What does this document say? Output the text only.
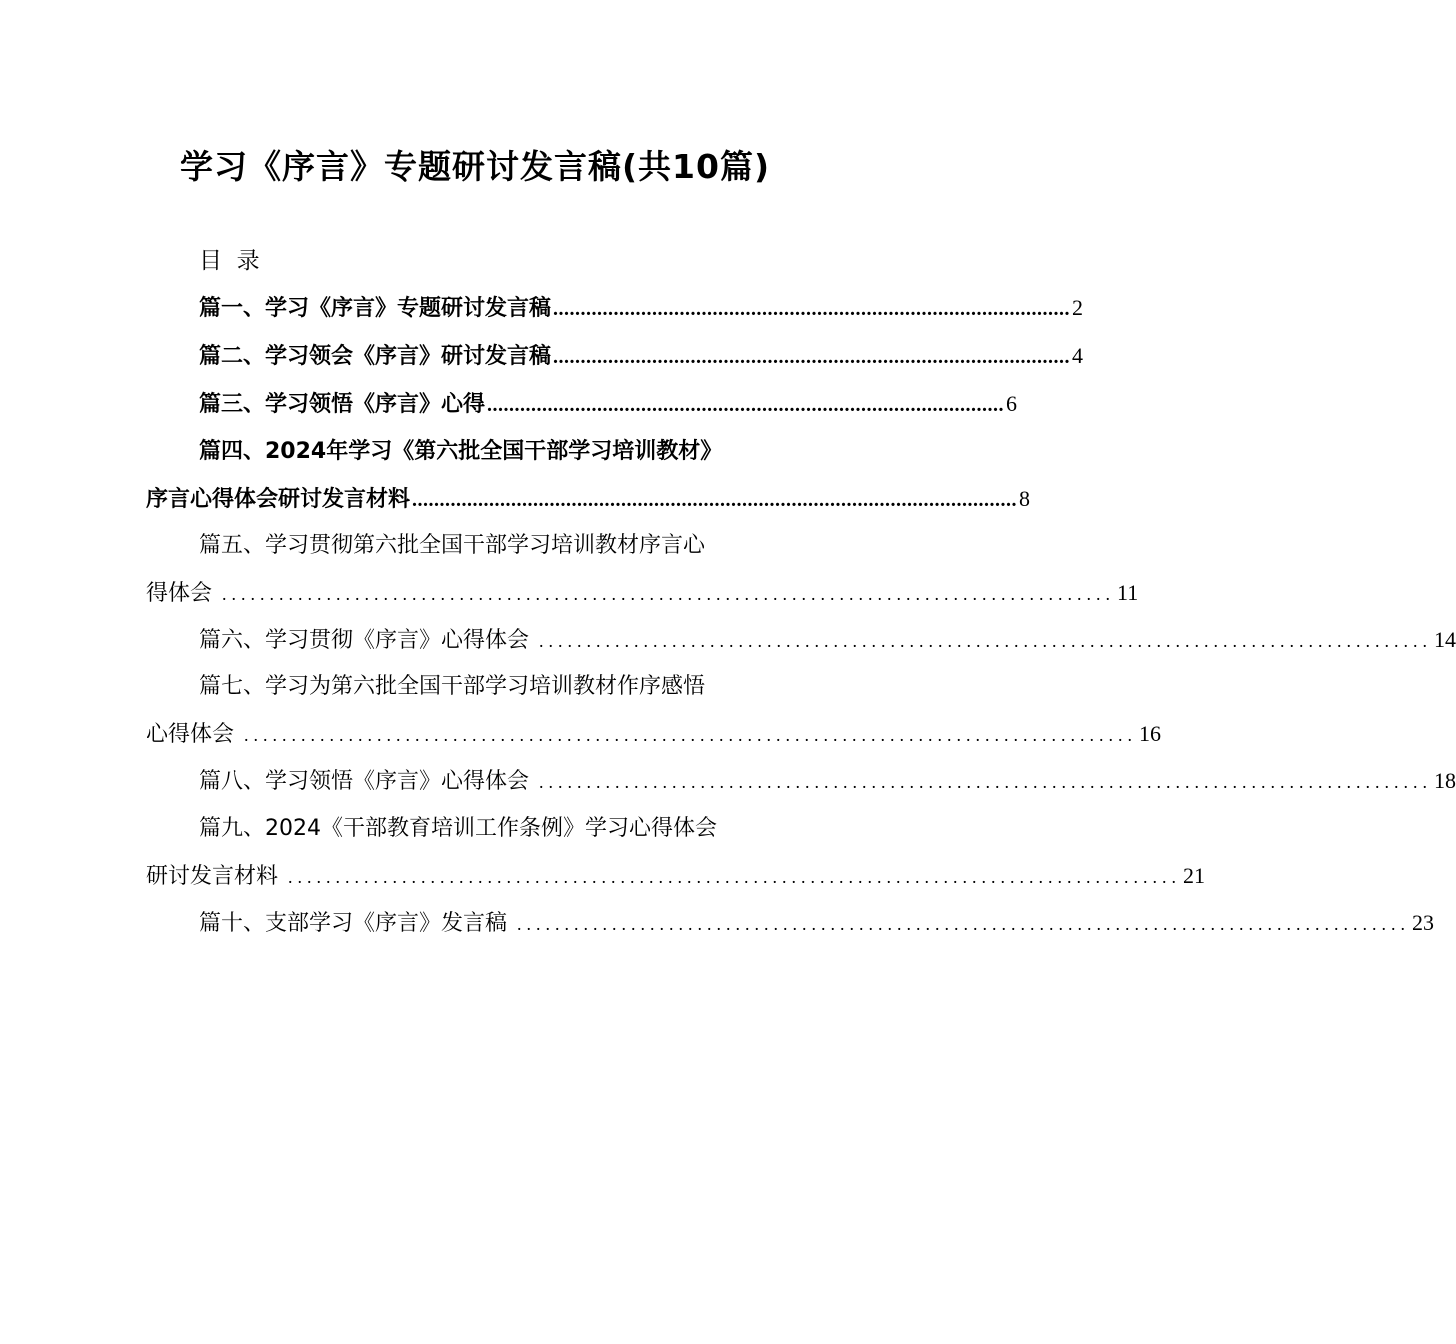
学习《序言》专题研讨发言稿(共10篇)
目  录
篇一、学习《序言》专题研讨发言稿 .............................................................................................. 2
篇二、学习领会《序言》研讨发言稿 .............................................................................................. 4
篇三、学习领悟《序言》心得 .............................................................................................. 6
篇四、2024年学习《第六批全国干部学习培训教材》
序言心得体会研讨发言材料 .............................................................................................................. 8
篇五、学习贯彻第六批全国干部学习培训教材序言心
得体会 .............................................................................................. 11
篇六、学习贯彻《序言》心得体会 .............................................................................................. 14
篇七、学习为第六批全国干部学习培训教材作序感悟
心得体会 .............................................................................................. 16
篇八、学习领悟《序言》心得体会 .............................................................................................. 18
篇九、2024《干部教育培训工作条例》学习心得体会
研讨发言材料 .............................................................................................. 21
篇十、支部学习《序言》发言稿 .............................................................................................. 23
